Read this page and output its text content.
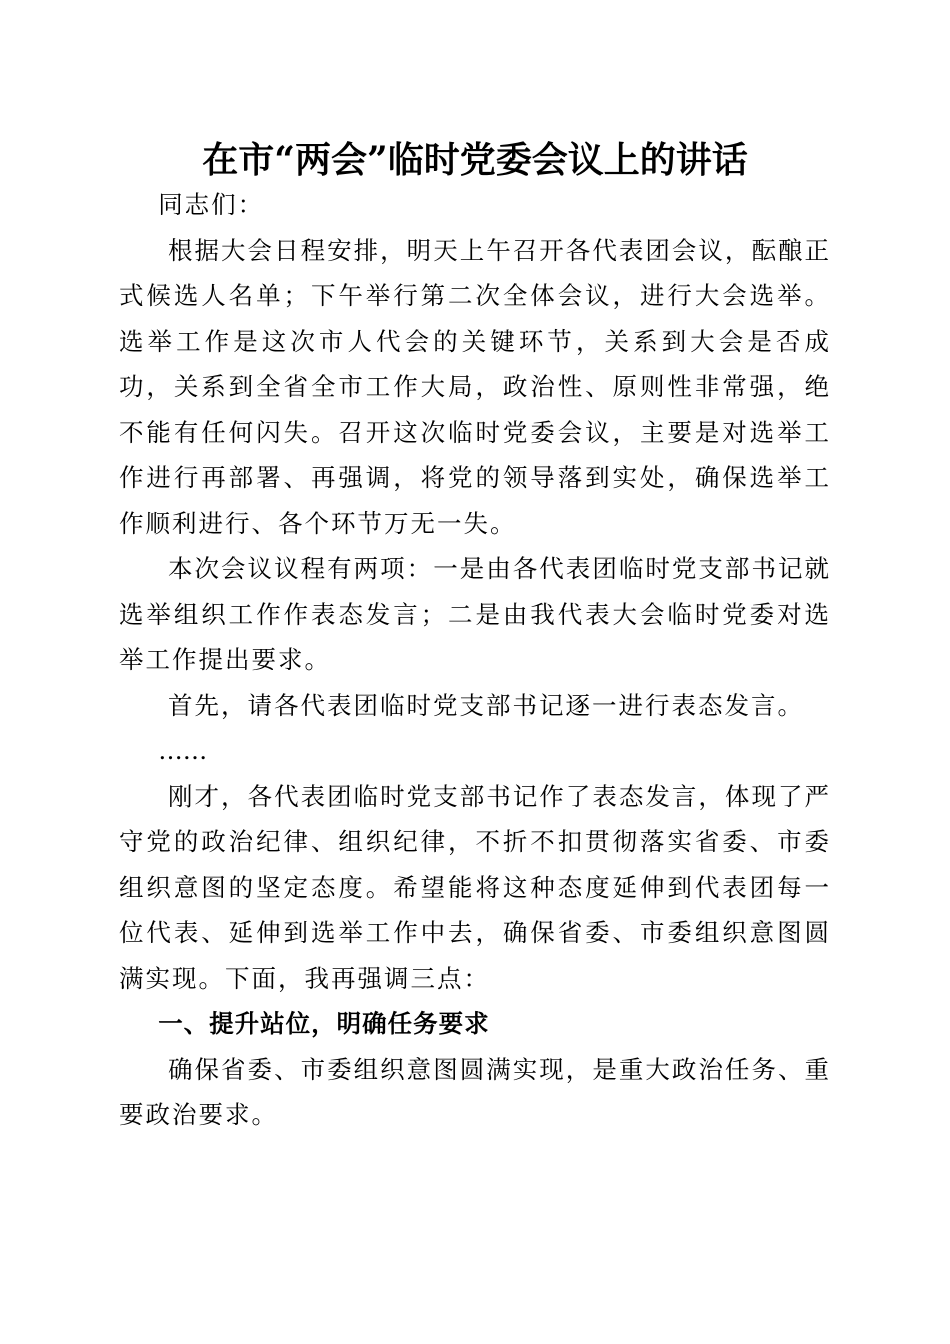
在市“两会”临时党委会议上的讲话

同志们：

根据大会日程安排，明天上午召开各代表团会议，酝酿正式候选人名单；下午举行第二次全体会议，进行大会选举。选举工作是这次市人代会的关键环节，关系到大会是否成功，关系到全省全市工作大局，政治性、原则性非常强，绝不能有任何闪失。召开这次临时党委会议，主要是对选举工作进行再部署、再强调，将党的领导落到实处，确保选举工作顺利进行、各个环节万无一失。

本次会议议程有两项：一是由各代表团临时党支部书记就选举组织工作作表态发言；二是由我代表大会临时党委对选举工作提出要求。

首先，请各代表团临时党支部书记逐一进行表态发言。

……

刚才，各代表团临时党支部书记作了表态发言，体现了严守党的政治纪律、组织纪律，不折不扣贯彻落实省委、市委组织意图的坚定态度。希望能将这种态度延伸到代表团每一位代表、延伸到选举工作中去，确保省委、市委组织意图圆满实现。下面，我再强调三点：

一、提升站位，明确任务要求

确保省委、市委组织意图圆满实现，是重大政治任务、重要政治要求。
